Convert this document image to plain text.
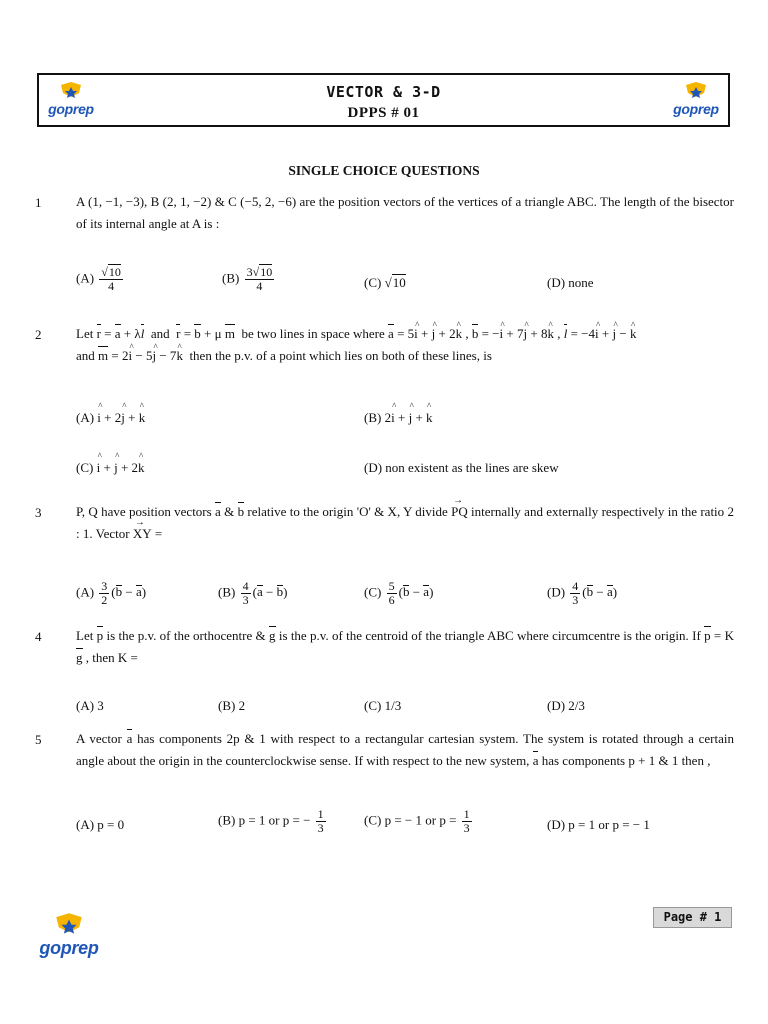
goprep
VECTOR & 3-D
DPPS # 01	goprep
SINGLE CHOICE QUESTIONS
1	A (1, −1, −3), B (2, 1, −2) & C (−5, 2, −6) are the position vectors of the vertices of a triangle ABC. The length of the bisector of its internal angle at A is :
$(A) \frac{√10}{4}$	$(B) \frac{3√10}{4}$	(C) √10	(D) none
2	Let r = a + λl  and  r = b + μ m  be two lines in space where a = 5^ i + ^ j + 2^ k , b = −^ i + 7^ j + 8^ k , l = −4^ i + ^ j − ^ k
and m = 2^ i − 5^ j − 7^ k  then the p.v. of a point which lies on both of these lines, is
(A) ^ i + 2^ j + ^ k	(B) 2^ i + ^ j + ^ k
(C) ^ i + ^ j + 2^ k	(D) non existent as the lines are skew
3	P, Q have position vectors a & b relative to the origin 'O' & X, Y divide → PQ internally and externally respectively in the ratio 2 : 1. Vector → XY =
$(A) \frac{3}{2} (b - a)$	$(B) \frac{4}{3} (a - b)$	$(C) \frac{5}{6} (b - a)$	$(D) \frac{4}{3} (b - a)$
4	Let p is the p.v. of the orthocentre & g is the p.v. of the centroid of the triangle ABC where circumcentre is the origin. If p = K g , then K =
(A) 3	(B) 2	(C) 1/3	(D) 2/3
5	A vector a has components 2p & 1 with respect to a rectangular cartesian system. The system is rotated through a certain angle about the origin in the counterclockwise sense. If with respect to the new system, a has components p + 1 & 1 then ,
(A) p = 0	(B) p = 1 or p = − $\frac{1}{3}$	(C) p = − 1 or $p = \frac{1}{3}$	(D) p = 1 or p = − 1
goprep
Page # 1
